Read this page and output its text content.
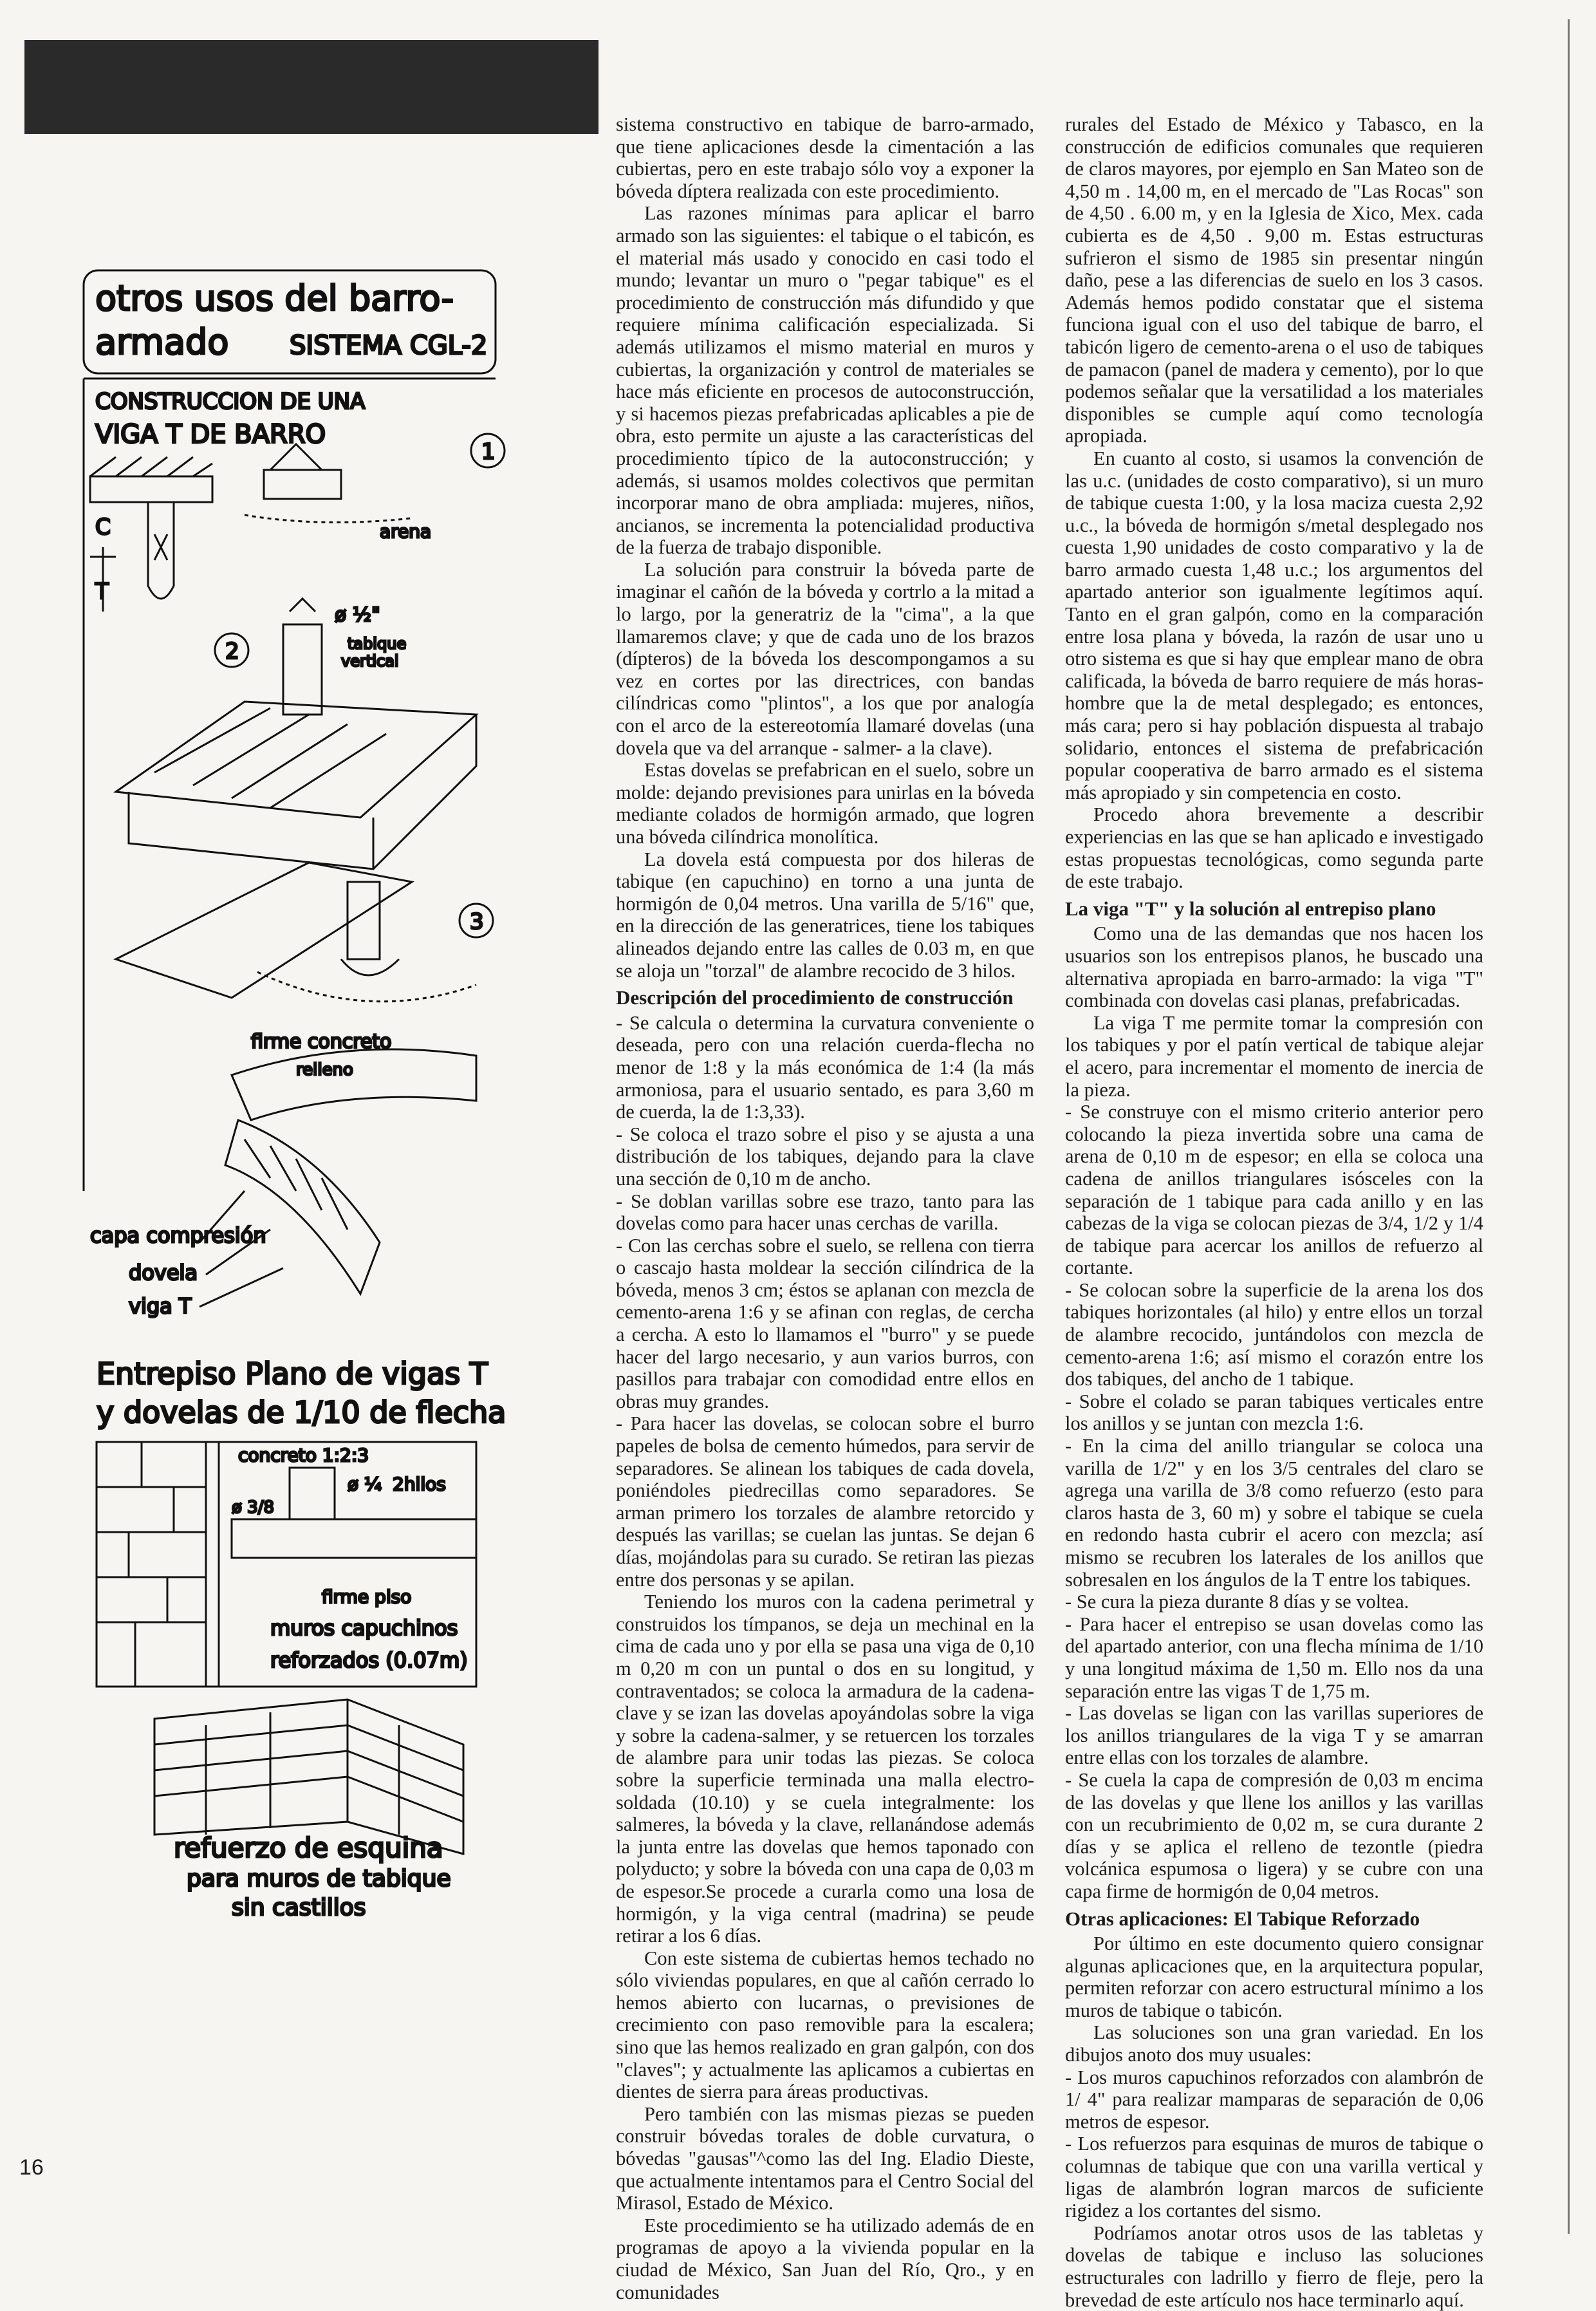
otros usos del barro-
armado SISTEMA CGL-2
CONSTRUCCION DE UNA
VIGA T DE BARRO
1
arena
C
T
2
ø ½"
tabique
vertical
3
firme concreto
relleno
capa compresión
dovela
viga T
Entrepiso Plano de vigas T
y dovelas de 1/10 de flecha
concreto 1:2:3
ø ¼ 2hilos
ø 3/8
firme piso
muros capuchinos
reforzados (0.07m)
refuerzo de esquina
para muros de tabique
sin castillos

sistema constructivo en tabique de barro-armado, que tiene aplicaciones desde la cimentación a las cubiertas, pero en este trabajo sólo voy a exponer la bóveda díptera realizada con este procedimiento.

Las razones mínimas para aplicar el barro armado son las siguientes: el tabique o el tabicón, es el material más usado y conocido en casi todo el mundo; levantar un muro o "pegar tabique" es el procedimiento de construcción más difundido y que requiere mínima calificación especializada. Si además utilizamos el mismo material en muros y cubiertas, la organización y control de materiales se hace más eficiente en procesos de autoconstrucción, y si hacemos piezas prefabricadas aplicables a pie de obra, esto permite un ajuste a las características del procedimiento típico de la autoconstrucción; y además, si usamos moldes colectivos que permitan incorporar mano de obra ampliada: mujeres, niños, ancianos, se incrementa la potencialidad productiva de la fuerza de trabajo disponible.

La solución para construir la bóveda parte de imaginar el cañón de la bóveda y cortrlo a la mitad a lo largo, por la generatriz de la "cima", a la que llamaremos clave; y que de cada uno de los brazos (dípteros) de la bóveda los descompongamos a su vez en cortes por las directrices, con bandas cilíndricas como "plintos", a los que por analogía con el arco de la estereotomía llamaré dovelas (una dovela que va del arranque - salmer- a la clave).

Estas dovelas se prefabrican en el suelo, sobre un molde: dejando previsiones para unirlas en la bóveda mediante colados de hormigón armado, que logren una bóveda cilíndrica monolítica.

La dovela está compuesta por dos hileras de tabique (en capuchino) en torno a una junta de hormigón de 0,04 metros. Una varilla de 5/16" que, en la dirección de las generatrices, tiene los tabiques alineados dejando entre las calles de 0.03 m, en que se aloja un "torzal" de alambre recocido de 3 hilos.

Descripción del procedimiento de construcción

- Se calcula o determina la curvatura conveniente o deseada, pero con una relación cuerda-flecha no menor de 1:8 y la más económica de 1:4 (la más armoniosa, para el usuario sentado, es para 3,60 m de cuerda, la de 1:3,33).

- Se coloca el trazo sobre el piso y se ajusta a una distribución de los tabiques, dejando para la clave una sección de 0,10 m de ancho.

- Se doblan varillas sobre ese trazo, tanto para las dovelas como para hacer unas cerchas de varilla.

- Con las cerchas sobre el suelo, se rellena con tierra o cascajo hasta moldear la sección cilíndrica de la bóveda, menos 3 cm; éstos se aplanan con mezcla de cemento-arena 1:6 y se afinan con reglas, de cercha a cercha. A esto lo llamamos el "burro" y se puede hacer del largo necesario, y aun varios burros, con pasillos para trabajar con comodidad entre ellos en obras muy grandes.

- Para hacer las dovelas, se colocan sobre el burro papeles de bolsa de cemento húmedos, para servir de separadores. Se alinean los tabiques de cada dovela, poniéndoles piedrecillas como separadores. Se arman primero los torzales de alambre retorcido y después las varillas; se cuelan las juntas. Se dejan 6 días, mojándolas para su curado. Se retiran las piezas entre dos personas y se apilan.

Teniendo los muros con la cadena perimetral y construidos los tímpanos, se deja un mechinal en la cima de cada uno y por ella se pasa una viga de 0,10 m 0,20 m con un puntal o dos en su longitud, y contraventados; se coloca la armadura de la cadena-clave y se izan las dovelas apoyándolas sobre la viga y sobre la cadena-salmer, y se retuercen los torzales de alambre para unir todas las piezas. Se coloca sobre la superficie terminada una malla electro-soldada (10.10) y se cuela integralmente: los salmeres, la bóveda y la clave, rellanándose además la junta entre las dovelas que hemos taponado con polyducto; y sobre la bóveda con una capa de 0,03 m de espesor.Se procede a curarla como una losa de hormigón, y la viga central (madrina) se peude retirar a los 6 días.

Con este sistema de cubiertas hemos techado no sólo viviendas populares, en que al cañón cerrado lo hemos abierto con lucarnas, o previsiones de crecimiento con paso removible para la escalera; sino que las hemos realizado en gran galpón, con dos "claves"; y actualmente las aplicamos a cubiertas en dientes de sierra para áreas productivas.

Pero también con las mismas piezas se pueden construir bóvedas torales de doble curvatura, o bóvedas "gausas"^como las del Ing. Eladio Dieste, que actualmente intentamos para el Centro Social del Mirasol, Estado de México.

Este procedimiento se ha utilizado además de en programas de apoyo a la vivienda popular en la ciudad de México, San Juan del Río, Qro., y en comunidades

rurales del Estado de México y Tabasco, en la construcción de edificios comunales que requieren de claros mayores, por ejemplo en San Mateo son de 4,50 m . 14,00 m, en el mercado de "Las Rocas" son de 4,50 . 6.00 m, y en la Iglesia de Xico, Mex. cada cubierta es de 4,50 . 9,00 m. Estas estructuras sufrieron el sismo de 1985 sin presentar ningún daño, pese a las diferencias de suelo en los 3 casos. Además hemos podido constatar que el sistema funciona igual con el uso del tabique de barro, el tabicón ligero de cemento-arena o el uso de tabiques de pamacon (panel de madera y cemento), por lo que podemos señalar que la versatilidad a los materiales disponibles se cumple aquí como tecnología apropiada.

En cuanto al costo, si usamos la convención de las u.c. (unidades de costo comparativo), si un muro de tabique cuesta 1:00, y la losa maciza cuesta 2,92 u.c., la bóveda de hormigón s/metal desplegado nos cuesta 1,90 unidades de costo comparativo y la de barro armado cuesta 1,48 u.c.; los argumentos del apartado anterior son igualmente legítimos aquí. Tanto en el gran galpón, como en la comparación entre losa plana y bóveda, la razón de usar uno u otro sistema es que si hay que emplear mano de obra calificada, la bóveda de barro requiere de más horas-hombre que la de metal desplegado; es entonces, más cara; pero si hay población dispuesta al trabajo solidario, entonces el sistema de prefabricación popular cooperativa de barro armado es el sistema más apropiado y sin competencia en costo.

Procedo ahora brevemente a describir experiencias en las que se han aplicado e investigado estas propuestas tecnológicas, como segunda parte de este trabajo.

La viga "T" y la solución al entrepiso plano

Como una de las demandas que nos hacen los usuarios son los entrepisos planos, he buscado una alternativa apropiada en barro-armado: la viga "T" combinada con dovelas casi planas, prefabricadas.

La viga T me permite tomar la compresión con los tabiques y por el patín vertical de tabique alejar el acero, para incrementar el momento de inercia de la pieza.

- Se construye con el mismo criterio anterior pero colocando la pieza invertida sobre una cama de arena de 0,10 m de espesor; en ella se coloca una cadena de anillos triangulares isósceles con la separación de 1 tabique para cada anillo y en las cabezas de la viga se colocan piezas de 3/4, 1/2 y 1/4 de tabique para acercar los anillos de refuerzo al cortante.

- Se colocan sobre la superficie de la arena los dos tabiques horizontales (al hilo) y entre ellos un torzal de alambre recocido, juntándolos con mezcla de cemento-arena 1:6; así mismo el corazón entre los dos tabiques, del ancho de 1 tabique.

- Sobre el colado se paran tabiques verticales entre los anillos y se juntan con mezcla 1:6.

- En la cima del anillo triangular se coloca una varilla de 1/2" y en los 3/5 centrales del claro se agrega una varilla de 3/8 como refuerzo (esto para claros hasta de 3, 60 m) y sobre el tabique se cuela en redondo hasta cubrir el acero con mezcla; así mismo se recubren los laterales de los anillos que sobresalen en los ángulos de la T entre los tabiques.

- Se cura la pieza durante 8 días y se voltea.

- Para hacer el entrepiso se usan dovelas como las del apartado anterior, con una flecha mínima de 1/10 y una longitud máxima de 1,50 m. Ello nos da una separación entre las vigas T de 1,75 m.

- Las dovelas se ligan con las varillas superiores de los anillos triangulares de la viga T y se amarran entre ellas con los torzales de alambre.

- Se cuela la capa de compresión de 0,03 m encima de las dovelas y que llene los anillos y las varillas con un recubrimiento de 0,02 m, se cura durante 2 días y se aplica el relleno de tezontle (piedra volcánica espumosa o ligera) y se cubre con una capa firme de hormigón de 0,04 metros.

Otras aplicaciones: El Tabique Reforzado

Por último en este documento quiero consignar algunas aplicaciones que, en la arquitectura popular, permiten reforzar con acero estructural mínimo a los muros de tabique o tabicón.

Las soluciones son una gran variedad. En los dibujos anoto dos muy usuales:

- Los muros capuchinos reforzados con alambrón de 1/ 4" para realizar mamparas de separación de 0,06 metros de espesor.

- Los refuerzos para esquinas de muros de tabique o columnas de tabique que con una varilla vertical y ligas de alambrón logran marcos de suficiente rigidez a los cortantes del sismo.

Podríamos anotar otros usos de las tabletas y dovelas de tabique e incluso las soluciones estructurales con ladrillo y fierro de fleje, pero la brevedad de este artículo nos hace terminarlo aquí.

16
